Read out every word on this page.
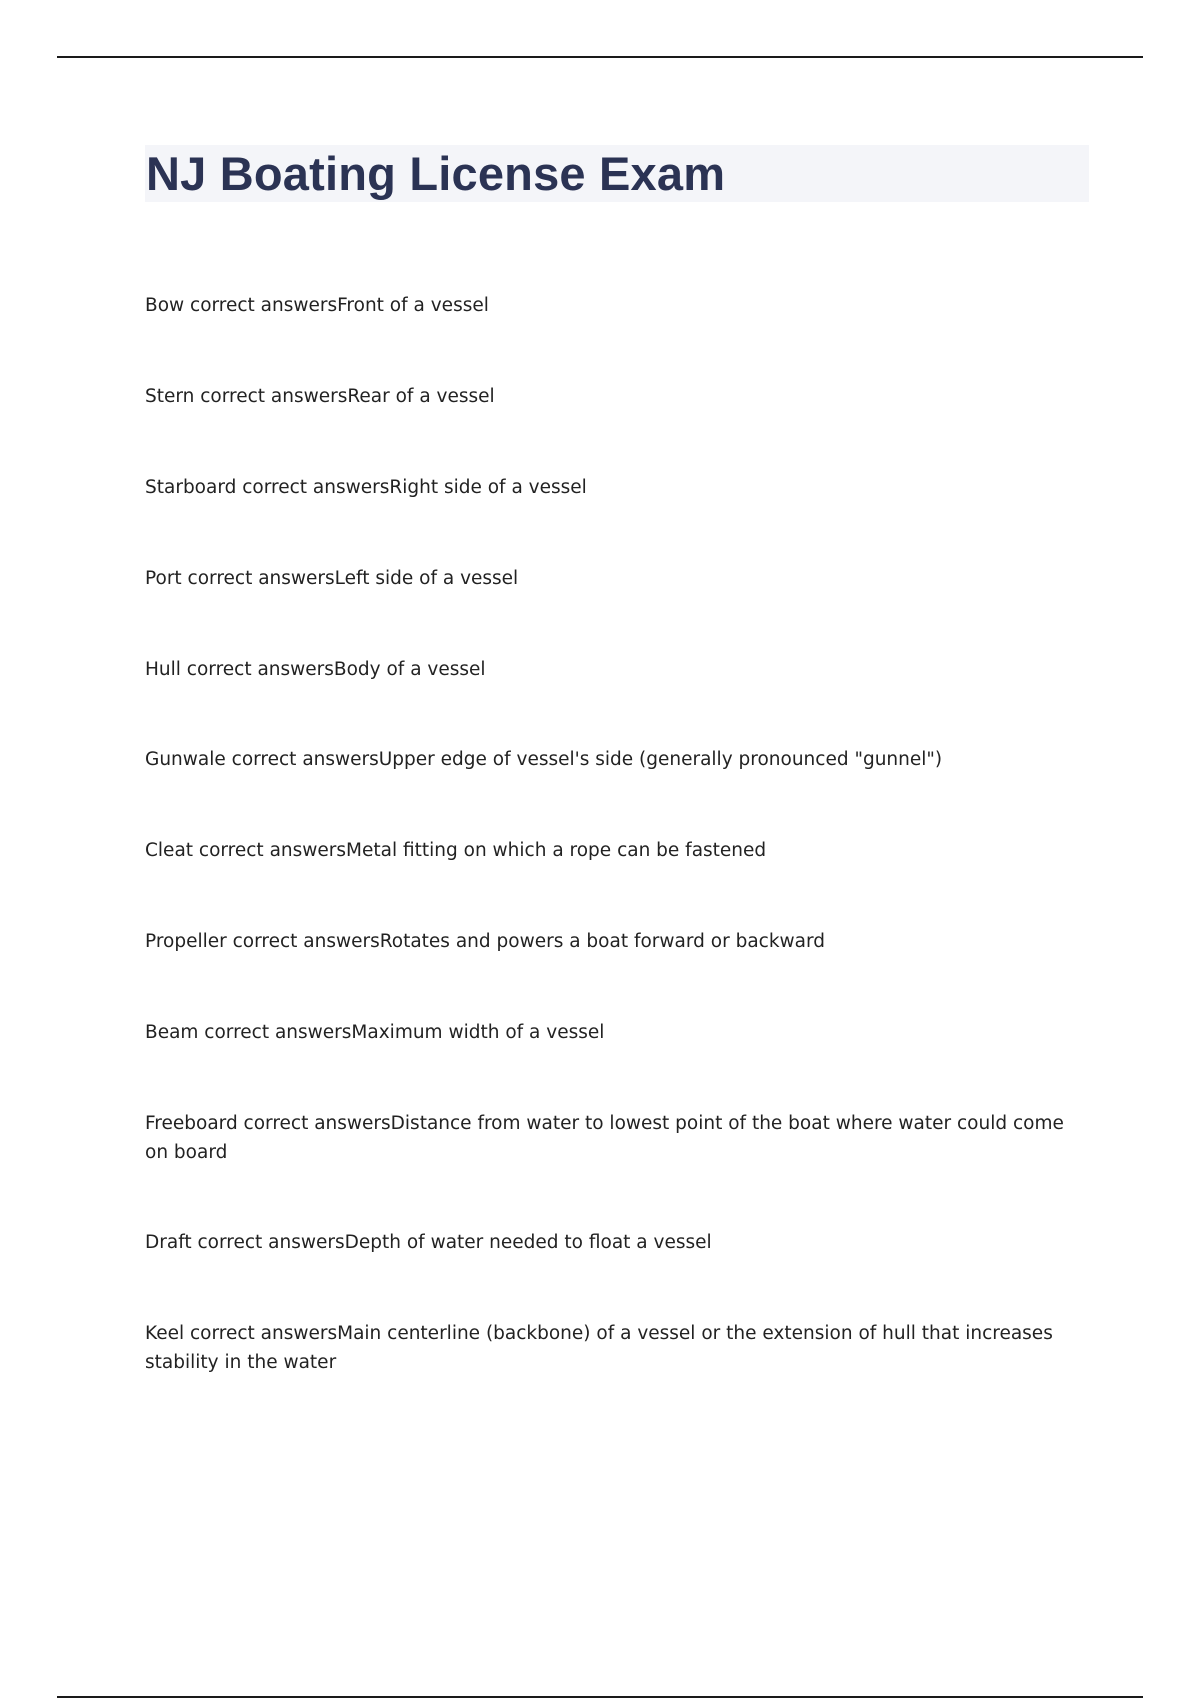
NJ Boating License Exam
Bow correct answersFront of a vessel
Stern correct answersRear of a vessel
Starboard correct answersRight side of a vessel
Port correct answersLeft side of a vessel
Hull correct answersBody of a vessel
Gunwale correct answersUpper edge of vessel's side (generally pronounced "gunnel")
Cleat correct answersMetal fitting on which a rope can be fastened
Propeller correct answersRotates and powers a boat forward or backward
Beam correct answersMaximum width of a vessel
Freeboard correct answersDistance from water to lowest point of the boat where water could come on board
Draft correct answersDepth of water needed to float a vessel
Keel correct answersMain centerline (backbone) of a vessel or the extension of hull that increases stability in the water
